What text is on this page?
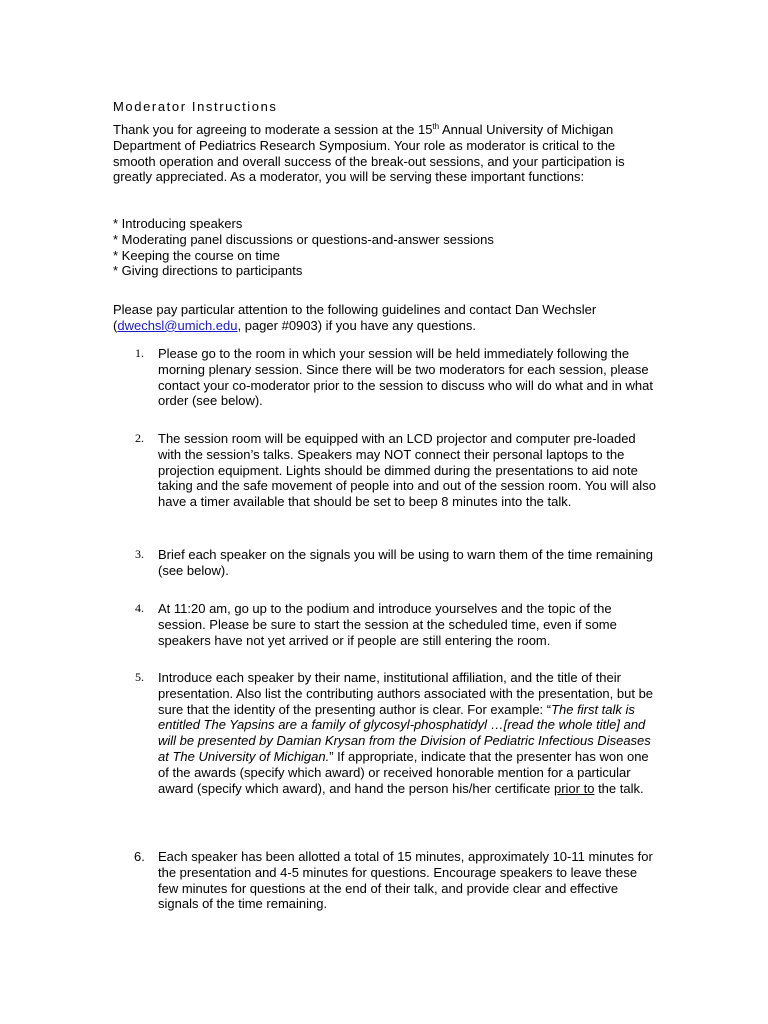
Moderator Instructions

Thank you for agreeing to moderate a session at the 15th Annual University of Michigan Department of Pediatrics Research Symposium. Your role as moderator is critical to the smooth operation and overall success of the break-out sessions, and your participation is greatly appreciated. As a moderator, you will be serving these important functions:

* Introducing speakers
* Moderating panel discussions or questions-and-answer sessions
* Keeping the course on time
* Giving directions to participants

Please pay particular attention to the following guidelines and contact Dan Wechsler (dwechsl@umich.edu, pager #0903) if you have any questions.

1. Please go to the room in which your session will be held immediately following the morning plenary session. Since there will be two moderators for each session, please contact your co-moderator prior to the session to discuss who will do what and in what order (see below).
2. The session room will be equipped with an LCD projector and computer pre-loaded with the session’s talks. Speakers may NOT connect their personal laptops to the projection equipment. Lights should be dimmed during the presentations to aid note taking and the safe movement of people into and out of the session room. You will also have a timer available that should be set to beep 8 minutes into the talk.
3. Brief each speaker on the signals you will be using to warn them of the time remaining (see below).
4. At 11:20 am, go up to the podium and introduce yourselves and the topic of the session. Please be sure to start the session at the scheduled time, even if some speakers have not yet arrived or if people are still entering the room.
5. Introduce each speaker by their name, institutional affiliation, and the title of their presentation. Also list the contributing authors associated with the presentation, but be sure that the identity of the presenting author is clear. For example: “The first talk is entitled The Yapsins are a family of glycosyl-phosphatidyl …[read the whole title] and will be presented by Damian Krysan from the Division of Pediatric Infectious Diseases at The University of Michigan.” If appropriate, indicate that the presenter has won one of the awards (specify which award) or received honorable mention for a particular award (specify which award), and hand the person his/her certificate prior to the talk.
6. Each speaker has been allotted a total of 15 minutes, approximately 10-11 minutes for the presentation and 4-5 minutes for questions. Encourage speakers to leave these few minutes for questions at the end of their talk, and provide clear and effective signals of the time remaining.
